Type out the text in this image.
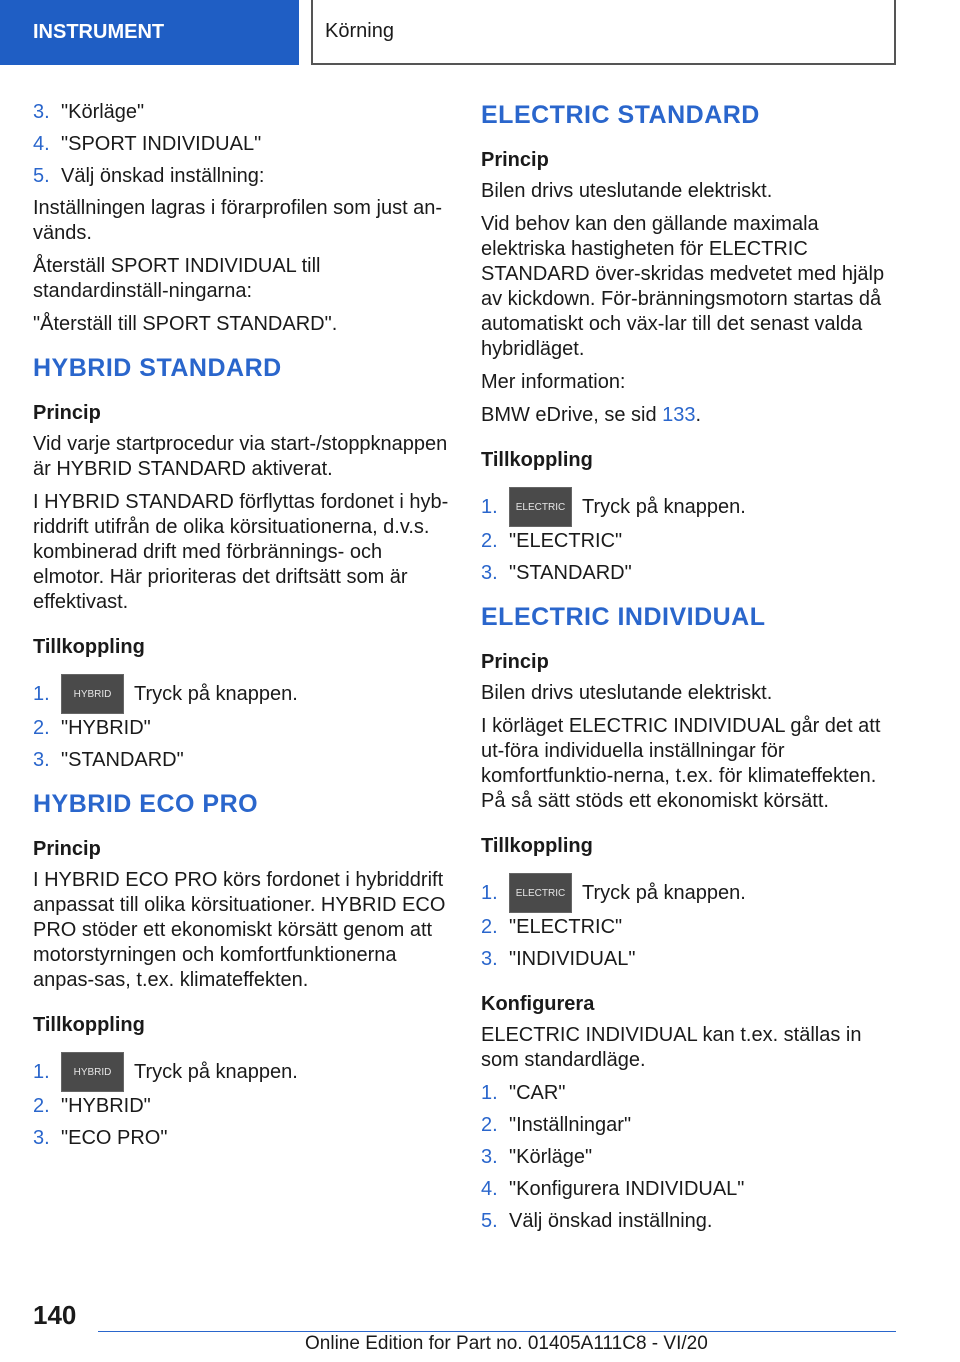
INSTRUMENT	Körning
3. "Körläge"
4. "SPORT INDIVIDUAL"
5. Välj önskad inställning:

Inställningen lagras i förarprofilen som just an-vänds.

Återställ SPORT INDIVIDUAL till standardinställ-ningarna:

"Återställ till SPORT STANDARD".

HYBRID STANDARD
Princip

Vid varje startprocedur via start-/stoppknappen är HYBRID STANDARD aktiverat.

I HYBRID STANDARD förflyttas fordonet i hyb-riddrift utifrån de olika körsituationerna, d.v.s. kombinerad drift med förbrännings- och elmotor. Här prioriteras det driftsätt som är effektivast.

Tillkoppling
1.	HYBRID	Tryck på knappen.
2. "HYBRID"
3. "STANDARD"
HYBRID ECO PRO
Princip

I HYBRID ECO PRO körs fordonet i hybriddrift anpassat till olika körsituationer. HYBRID ECO PRO stöder ett ekonomiskt körsätt genom att motorstyrningen och komfortfunktionerna anpas-sas, t.ex. klimateffekten.

Tillkoppling
1.	HYBRID	Tryck på knappen.
2. "HYBRID"
3. "ECO PRO"
ELECTRIC STANDARD
Princip

Bilen drivs uteslutande elektriskt.

Vid behov kan den gällande maximala elektriska hastigheten för ELECTRIC STANDARD över-skridas medvetet med hjälp av kickdown. För-bränningsmotorn startas då automatiskt och väx-lar till det senast valda hybridläget.

Mer information:

BMW eDrive, se sid 133.

Tillkoppling
1.	ELECTRIC Tryck på knappen.
2. "ELECTRIC"
3. "STANDARD"
ELECTRIC INDIVIDUAL
Princip

Bilen drivs uteslutande elektriskt.

I körläget ELECTRIC INDIVIDUAL går det att ut-föra individuella inställningar för komfortfunktio-nerna, t.ex. för klimateffekten. På så sätt stöds ett ekonomiskt körsätt.

Tillkoppling
1.	ELECTRIC Tryck på knappen.
2. "ELECTRIC"
3. "INDIVIDUAL"
Konfigurera

ELECTRIC INDIVIDUAL kan t.ex. ställas in som standardläge.

1. "CAR"
2. "Inställningar"
3. "Körläge"
4. "Konfigurera INDIVIDUAL"
5. Välj önskad inställning.
140
Online Edition for Part no. 01405A111C8 - VI/20
